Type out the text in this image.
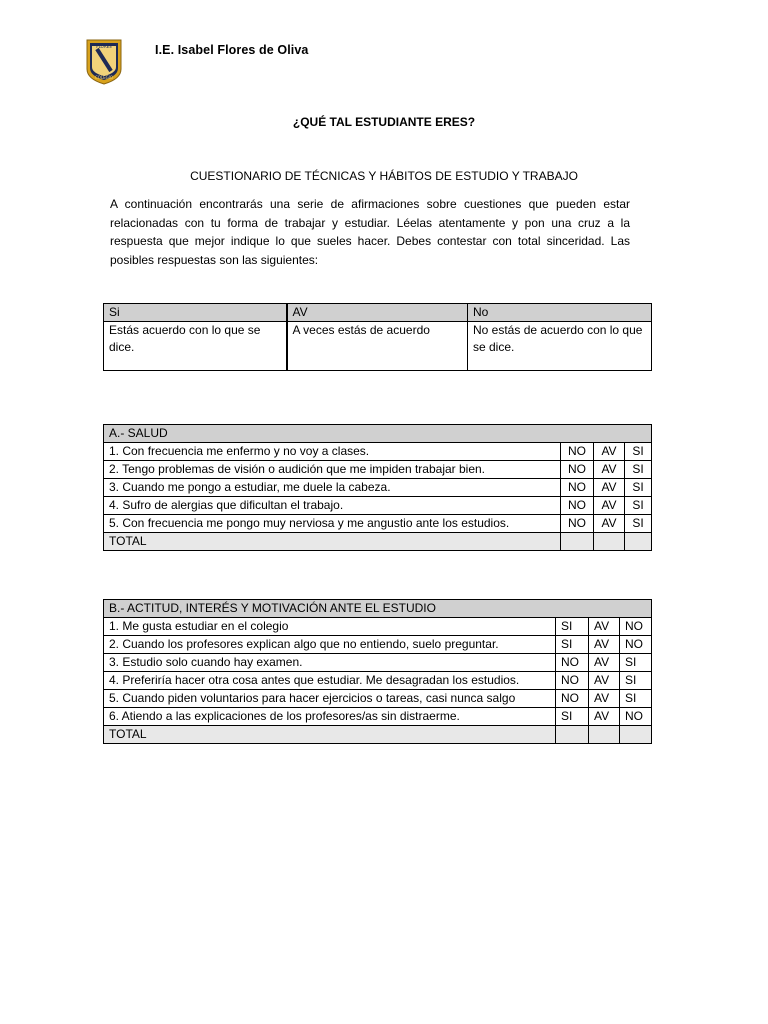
FLORES
COLEGIO
I.E. Isabel Flores de Oliva
¿QUÉ TAL ESTUDIANTE ERES?
CUESTIONARIO DE TÉCNICAS Y HÁBITOS DE ESTUDIO Y TRABAJO
A continuación encontrarás una serie de afirmaciones sobre cuestiones que pueden estar relacionadas con tu forma de trabajar y estudiar. Léelas atentamente y pon una cruz a la respuesta que mejor indique lo que sueles hacer. Debes contestar con total sinceridad. Las posibles respuestas son las siguientes:
Si	AV	No
Estás acuerdo con lo que se dice.	A veces estás de acuerdo	No estás de acuerdo con lo que se dice.
A.- SALUD			
1. Con frecuencia me enfermo y no voy a clases.	NO	AV	SI
2. Tengo problemas de visión o audición que me impiden trabajar bien.	NO	AV	SI
3. Cuando me pongo a estudiar, me duele la cabeza.	NO	AV	SI
4. Sufro de alergias que dificultan el trabajo.	NO	AV	SI
5. Con frecuencia me pongo muy nerviosa y me angustio ante los estudios.	NO	AV	SI
TOTAL			
B.- ACTITUD, INTERÉS Y MOTIVACIÓN ANTE EL ESTUDIO			
1. Me gusta estudiar en el colegio	SI	AV	NO
2. Cuando los profesores explican algo que no entiendo, suelo preguntar.	SI	AV	NO
3. Estudio solo cuando hay examen.	NO	AV	SI
4. Preferiría hacer otra cosa antes que estudiar. Me desagradan los estudios.	NO	AV	SI
5. Cuando piden voluntarios para hacer ejercicios o tareas, casi nunca salgo	NO	AV	SI
6. Atiendo a las explicaciones de los profesores/as sin distraerme.	SI	AV	NO
TOTAL			
